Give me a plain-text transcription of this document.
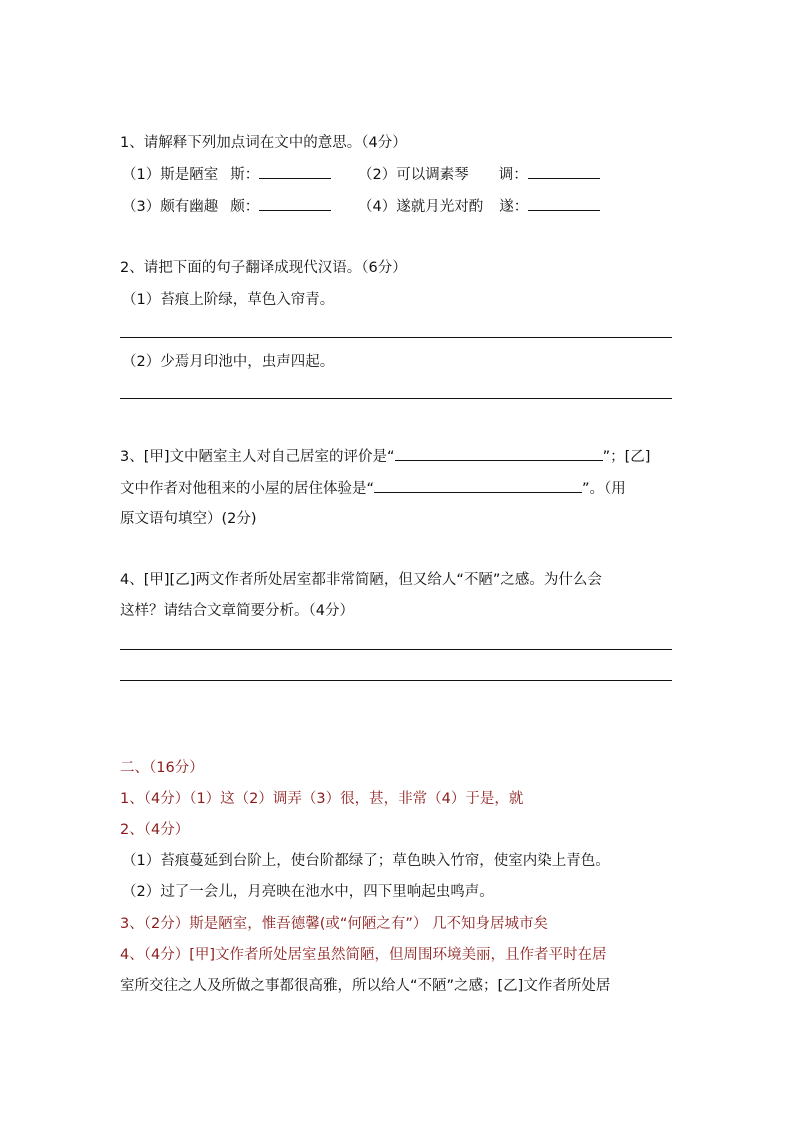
1、请解释下列加点词在文中的意思。（4分）
（1）斯是陋室 斯：	（2）可以调素琴 调：
（3）颇有幽趣 颇：	（4）遂就月光对酌 遂：
2、请把下面的句子翻译成现代汉语。（6分）
（1）苔痕上阶绿，草色入帘青。
（2）少焉月印池中，虫声四起。
3、[甲]文中陋室主人对自己居室的评价是“	”；[乙]
文中作者对他租来的小屋的居住体验是“	”。（用
原文语句填空）(2分)
4、[甲][乙]两文作者所处居室都非常简陋，但又给人“不陋”之感。为什么会
这样？请结合文章简要分析。（4分）
二、（16分）
1、（4分）（1）这（2）调弄（3）很，甚，非常（4）于是，就
2、（4分）
（1）苔痕蔓延到台阶上，使台阶都绿了；草色映入竹帘，使室内染上青色。
（2）过了一会儿，月亮映在池水中，四下里响起虫鸣声。
3、（2分）斯是陋室，惟吾德馨(或“何陋之有”） 几不知身居城市矣
4、（4分）[甲]文作者所处居室虽然简陋，但周围环境美丽，且作者平时在居
室所交往之人及所做之事都很高雅，所以给人“不陋”之感；[乙]文作者所处居
